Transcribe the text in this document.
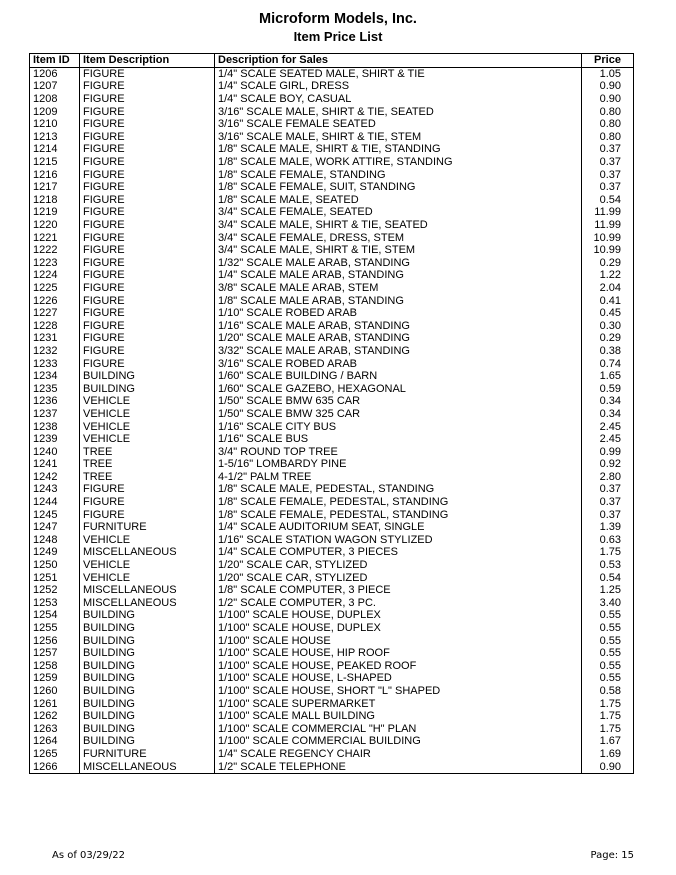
Microform Models, Inc.
Item Price List
Item ID	Item Description	Description for Sales	Price
1206	FIGURE	1/4" SCALE SEATED MALE, SHIRT & TIE	1.05
1207	FIGURE	1/4" SCALE GIRL, DRESS	0.90
1208	FIGURE	1/4" SCALE BOY, CASUAL	0.90
1209	FIGURE	3/16" SCALE MALE, SHIRT & TIE, SEATED	0.80
1210	FIGURE	3/16" SCALE FEMALE SEATED	0.80
1213	FIGURE	3/16" SCALE MALE, SHIRT & TIE, STEM	0.80
1214	FIGURE	1/8" SCALE MALE, SHIRT & TIE, STANDING	0.37
1215	FIGURE	1/8" SCALE MALE, WORK ATTIRE, STANDING	0.37
1216	FIGURE	1/8" SCALE FEMALE, STANDING	0.37
1217	FIGURE	1/8" SCALE FEMALE, SUIT, STANDING	0.37
1218	FIGURE	1/8" SCALE MALE, SEATED	0.54
1219	FIGURE	3/4" SCALE FEMALE, SEATED	11.99
1220	FIGURE	3/4" SCALE MALE, SHIRT & TIE, SEATED	11.99
1221	FIGURE	3/4" SCALE FEMALE, DRESS, STEM	10.99
1222	FIGURE	3/4" SCALE MALE, SHIRT & TIE, STEM	10.99
1223	FIGURE	1/32" SCALE MALE ARAB, STANDING	0.29
1224	FIGURE	1/4" SCALE MALE ARAB, STANDING	1.22
1225	FIGURE	3/8" SCALE MALE ARAB, STEM	2.04
1226	FIGURE	1/8" SCALE MALE ARAB, STANDING	0.41
1227	FIGURE	1/10" SCALE ROBED ARAB	0.45
1228	FIGURE	1/16" SCALE MALE ARAB, STANDING	0.30
1231	FIGURE	1/20" SCALE MALE ARAB, STANDING	0.29
1232	FIGURE	3/32" SCALE MALE ARAB, STANDING	0.38
1233	FIGURE	3/16" SCALE ROBED ARAB	0.74
1234	BUILDING	1/60" SCALE BUILDING / BARN	1.65
1235	BUILDING	1/60" SCALE GAZEBO, HEXAGONAL	0.59
1236	VEHICLE	1/50" SCALE BMW 635 CAR	0.34
1237	VEHICLE	1/50" SCALE BMW 325 CAR	0.34
1238	VEHICLE	1/16" SCALE CITY BUS	2.45
1239	VEHICLE	1/16" SCALE BUS	2.45
1240	TREE	3/4" ROUND TOP TREE	0.99
1241	TREE	1-5/16" LOMBARDY PINE	0.92
1242	TREE	4-1/2" PALM TREE	2.80
1243	FIGURE	1/8" SCALE MALE, PEDESTAL, STANDING	0.37
1244	FIGURE	1/8" SCALE FEMALE, PEDESTAL, STANDING	0.37
1245	FIGURE	1/8" SCALE FEMALE, PEDESTAL, STANDING	0.37
1247	FURNITURE	1/4" SCALE AUDITORIUM SEAT, SINGLE	1.39
1248	VEHICLE	1/16" SCALE STATION WAGON STYLIZED	0.63
1249	MISCELLANEOUS	1/4" SCALE COMPUTER, 3 PIECES	1.75
1250	VEHICLE	1/20" SCALE CAR, STYLIZED	0.53
1251	VEHICLE	1/20" SCALE CAR, STYLIZED	0.54
1252	MISCELLANEOUS	1/8" SCALE COMPUTER, 3 PIECE	1.25
1253	MISCELLANEOUS	1/2" SCALE COMPUTER, 3 PC.	3.40
1254	BUILDING	1/100" SCALE HOUSE, DUPLEX	0.55
1255	BUILDING	1/100" SCALE HOUSE, DUPLEX	0.55
1256	BUILDING	1/100" SCALE HOUSE	0.55
1257	BUILDING	1/100" SCALE HOUSE, HIP ROOF	0.55
1258	BUILDING	1/100" SCALE HOUSE, PEAKED ROOF	0.55
1259	BUILDING	1/100" SCALE HOUSE, L-SHAPED	0.55
1260	BUILDING	1/100" SCALE HOUSE, SHORT "L" SHAPED	0.58
1261	BUILDING	1/100" SCALE SUPERMARKET	1.75
1262	BUILDING	1/100" SCALE MALL BUILDING	1.75
1263	BUILDING	1/100" SCALE COMMERCIAL "H" PLAN	1.75
1264	BUILDING	1/100" SCALE COMMERCIAL BUILDING	1.67
1265	FURNITURE	1/4" SCALE REGENCY CHAIR	1.69
1266	MISCELLANEOUS	1/2" SCALE TELEPHONE	0.90
As of 03/29/22	Page: 15
